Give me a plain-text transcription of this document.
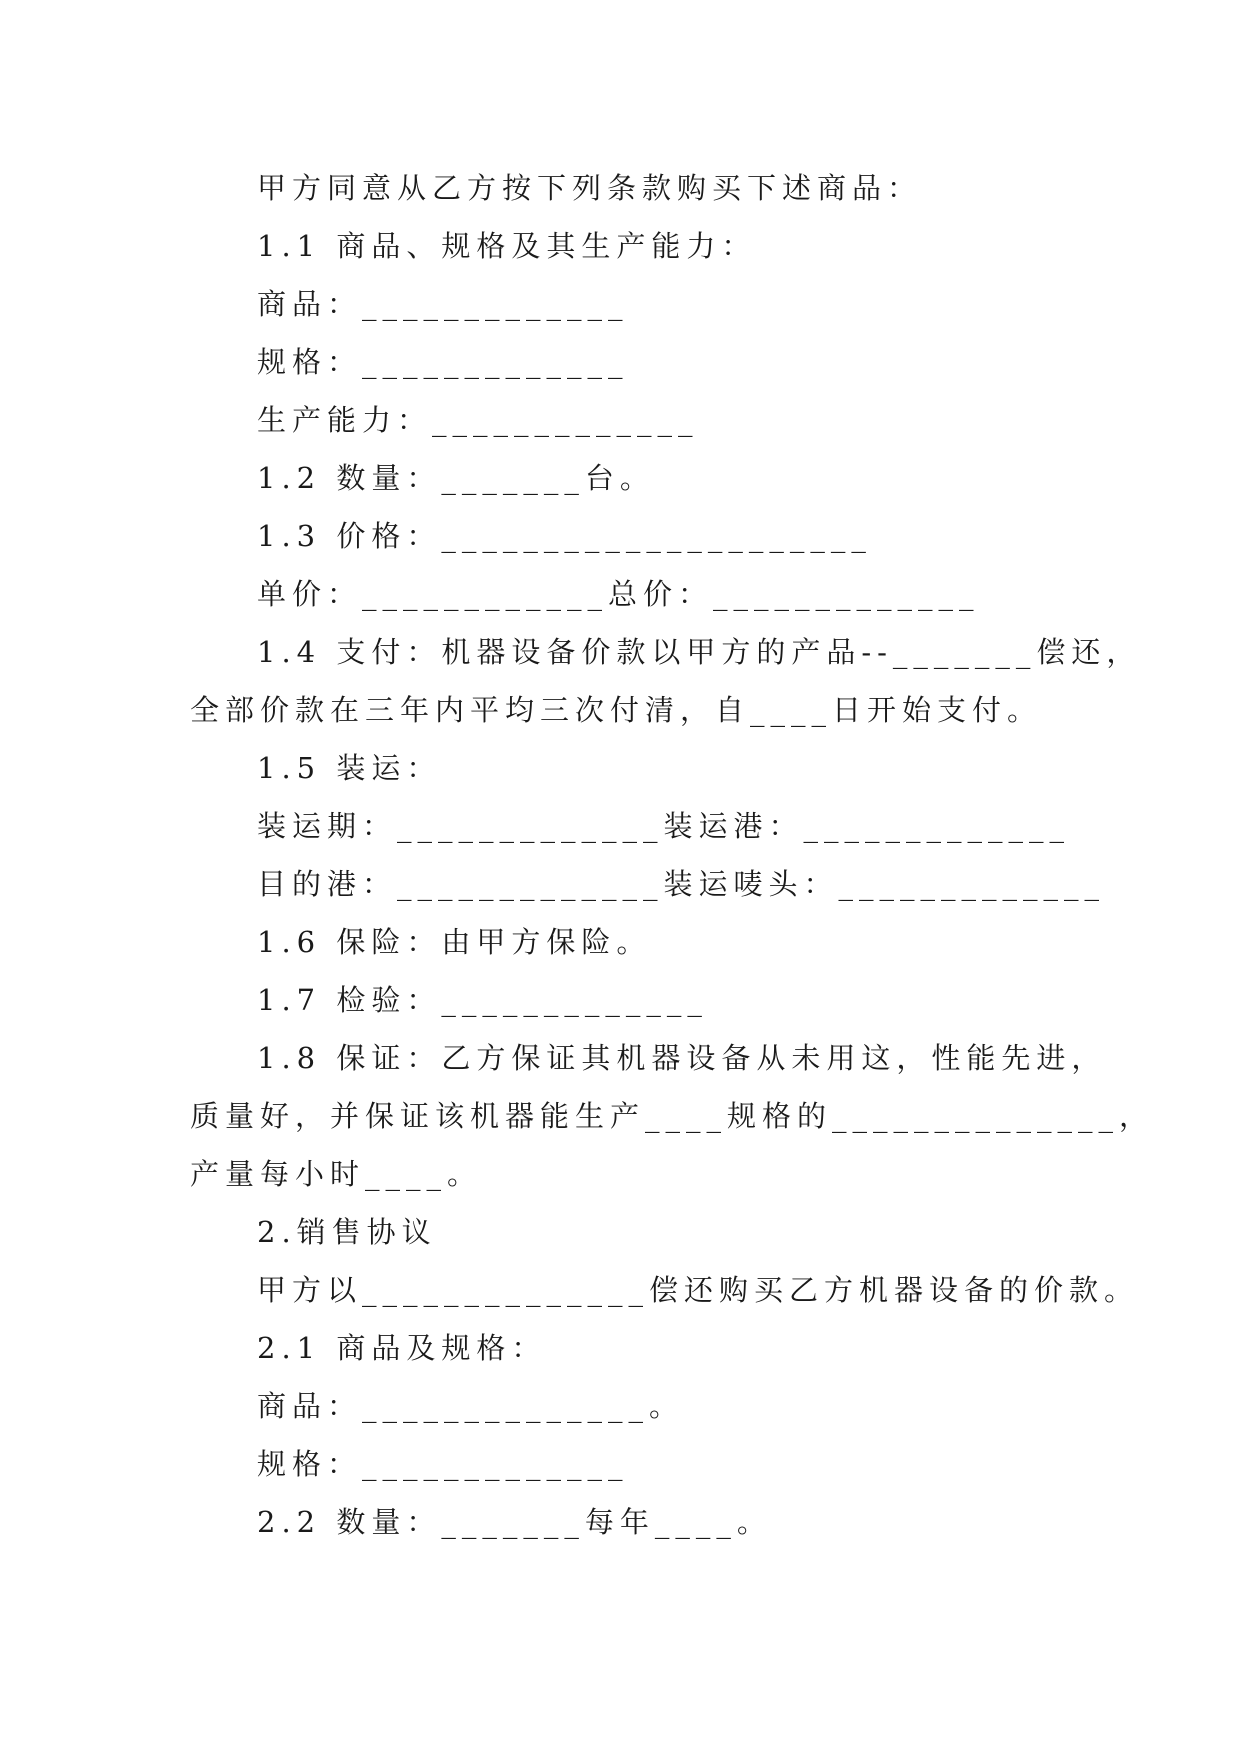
甲方同意从乙方按下列条款购买下述商品：
1.1 商品、规格及其生产能力：
商品：_____________
规格：_____________
生产能力：_____________
1.2 数量：_______台。
1.3 价格：_____________________
单价：____________总价：_____________
1.4 支付：机器设备价款以甲方的产品--_______偿还，
全部价款在三年内平均三次付清，自____日开始支付。
1.5 装运：
装运期：_____________装运港：_____________
目的港：_____________装运唛头：_____________
1.6 保险：由甲方保险。
1.7 检验：_____________
1.8 保证：乙方保证其机器设备从未用这，性能先进，
质量好，并保证该机器能生产____规格的______________，
产量每小时____。
2.销售协议
甲方以______________偿还购买乙方机器设备的价款。
2.1 商品及规格：
商品：______________。
规格：_____________
2.2 数量：_______每年____。
